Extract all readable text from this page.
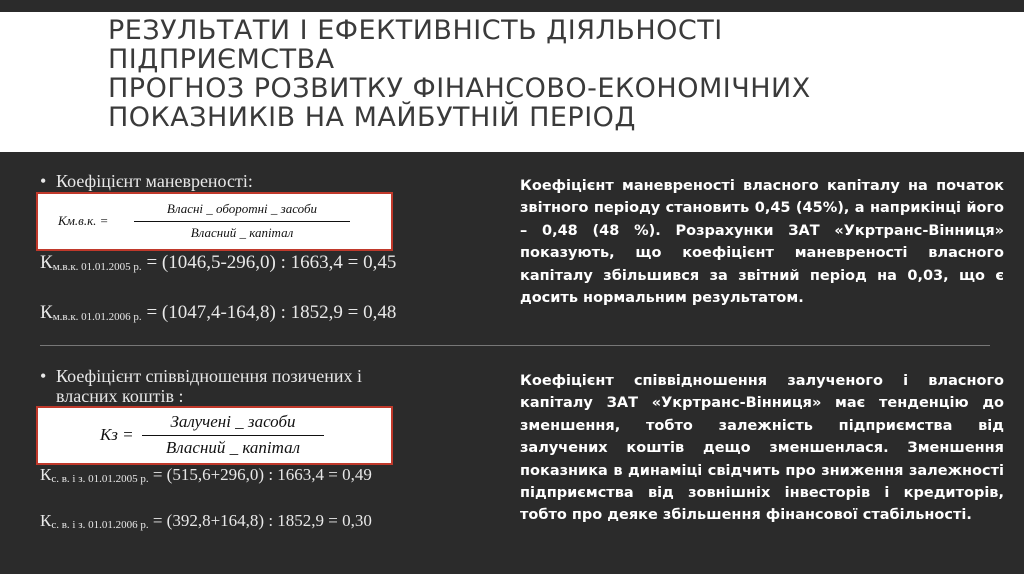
РЕЗУЛЬТАТИ І ЕФЕКТИВНІСТЬ ДІЯЛЬНОСТІ
ПІДПРИЄМСТВА
ПРОГНОЗ РОЗВИТКУ ФІНАНСОВО-ЕКОНОМІЧНИХ
ПОКАЗНИКІВ НА МАЙБУТНІЙ ПЕРІОД
• Коефіцієнт маневреності:
Км.в.к. =
Власні _ оборотні _ засоби
Власний _ капітал
$К_{м.в.к. 01.01.2005 р.} = (1046,5-296,0)$ : 1663,4 = 0,45
$К_{м.в.к. 01.01.2006 р.} = (1047,4-164,8)$ : 1852,9 = 0,48

Коефіцієнт маневреності власного капіталу на початок звітного періоду становить 0,45 (45%), а наприкінці його – 0,48 (48 %). Розрахунки ЗАТ «Укртранс-Вінниця» показують, що коефіцієнт маневреності власного капіталу збільшився за звітний період на 0,03, що є досить нормальним результатом.

• Коефіцієнт співвідношення позичених і
власних коштів :
Кз =
Залучені _ засоби
Власний _ капітал
$К_{с. в. і з. 01.01.2005 р.} = (515,6+296,0)$ : 1663,4 = 0,49
$К_{с. в. і з. 01.01.2006 р.} = (392,8+164,8)$ : 1852,9 = 0,30

Коефіцієнт співвідношення залученого і власного капіталу ЗАТ «Укртранс-Вінниця» має тенденцію до зменшення, тобто залежність підприємства від залучених коштів дещо зменшенлася. Зменшення показника в динаміці свідчить про зниження залежності підприємства від зовнішніх інвесторів і кредиторів, тобто про деяке збільшення фінансової стабільності.
